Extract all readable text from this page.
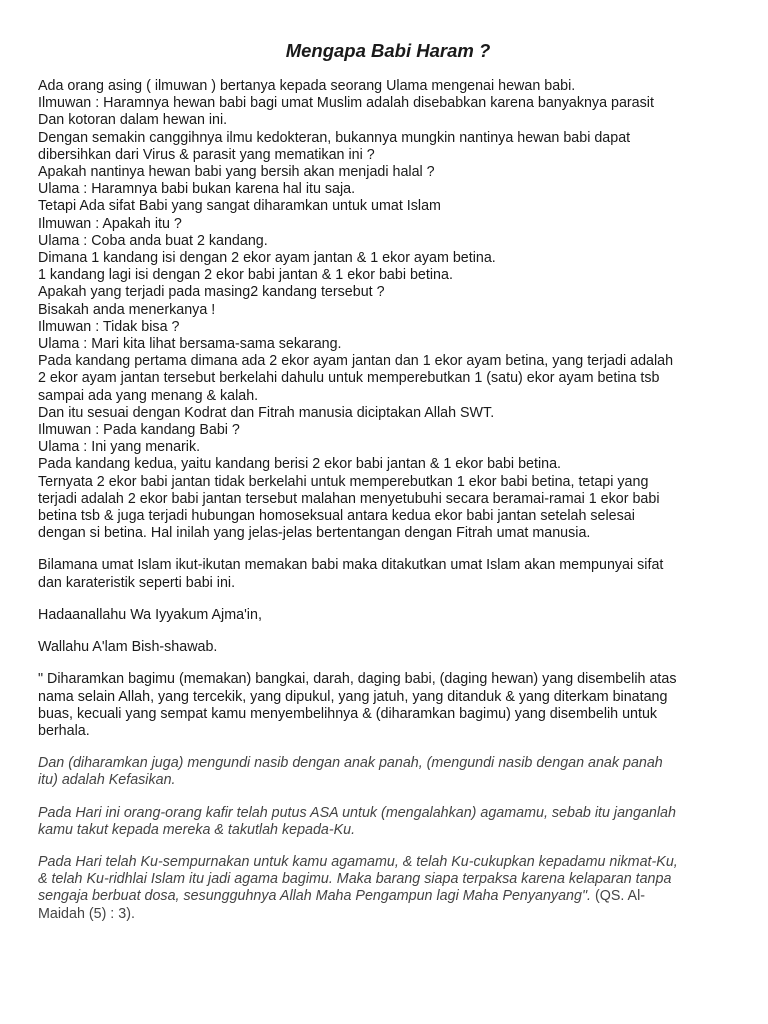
Mengapa Babi Haram ?
Ada orang asing ( ilmuwan ) bertanya kepada seorang Ulama mengenai hewan babi.
Ilmuwan : Haramnya hewan babi bagi umat Muslim adalah disebabkan karena banyaknya parasit
Dan kotoran dalam hewan ini.
Dengan semakin canggihnya ilmu kedokteran, bukannya mungkin nantinya hewan babi dapat
dibersihkan dari Virus & parasit yang mematikan ini ?
Apakah nantinya hewan babi yang bersih akan menjadi halal ?
Ulama : Haramnya babi bukan karena hal itu saja.
Tetapi Ada sifat Babi yang sangat diharamkan untuk umat Islam
Ilmuwan : Apakah itu ?
Ulama : Coba anda buat 2 kandang.
Dimana 1 kandang isi dengan 2 ekor ayam jantan & 1 ekor ayam betina.
1 kandang lagi isi dengan 2 ekor babi jantan & 1 ekor babi betina.
Apakah yang terjadi pada masing2 kandang tersebut ?
Bisakah anda menerkanya !
Ilmuwan : Tidak bisa ?
Ulama : Mari kita lihat bersama-sama sekarang.
Pada kandang pertama dimana ada 2 ekor ayam jantan dan 1 ekor ayam betina, yang terjadi adalah
2 ekor ayam jantan tersebut berkelahi dahulu untuk memperebutkan 1 (satu) ekor ayam betina tsb
sampai ada yang menang & kalah.
Dan itu sesuai dengan Kodrat dan Fitrah manusia diciptakan Allah SWT.
Ilmuwan : Pada kandang Babi ?
Ulama : Ini yang menarik.
Pada kandang kedua, yaitu kandang berisi 2 ekor babi jantan & 1 ekor babi betina.
Ternyata 2 ekor babi jantan tidak berkelahi untuk memperebutkan 1 ekor babi betina, tetapi yang
terjadi adalah 2 ekor babi jantan tersebut malahan menyetubuhi secara beramai-ramai 1 ekor babi
betina tsb & juga terjadi hubungan homoseksual antara kedua ekor babi jantan setelah selesai
dengan si betina. Hal inilah yang jelas-jelas bertentangan dengan Fitrah umat manusia.
Bilamana umat Islam ikut-ikutan memakan babi maka ditakutkan umat Islam akan mempunyai sifat
dan karateristik seperti babi ini.
Hadaanallahu Wa Iyyakum Ajma'in,
Wallahu A'lam Bish-shawab.
" Diharamkan bagimu (memakan) bangkai, darah, daging babi, (daging hewan) yang disembelih atas
nama selain Allah, yang tercekik, yang dipukul, yang jatuh, yang ditanduk & yang diterkam binatang
buas, kecuali yang sempat kamu menyembelihnya & (diharamkan bagimu) yang disembelih untuk
berhala.
Dan (diharamkan juga) mengundi nasib dengan anak panah, (mengundi nasib dengan anak panah
itu) adalah Kefasikan.
Pada Hari ini orang-orang kafir telah putus ASA untuk (mengalahkan) agamamu, sebab itu janganlah
kamu takut kepada mereka & takutlah kepada-Ku.
Pada Hari telah Ku-sempurnakan untuk kamu agamamu, & telah Ku-cukupkan kepadamu nikmat-Ku,
& telah Ku-ridhlai Islam itu jadi agama bagimu. Maka barang siapa terpaksa karena kelaparan tanpa
sengaja berbuat dosa, sesungguhnya Allah Maha Pengampun lagi Maha Penyanyang". (QS. Al-
Maidah (5) : 3).
